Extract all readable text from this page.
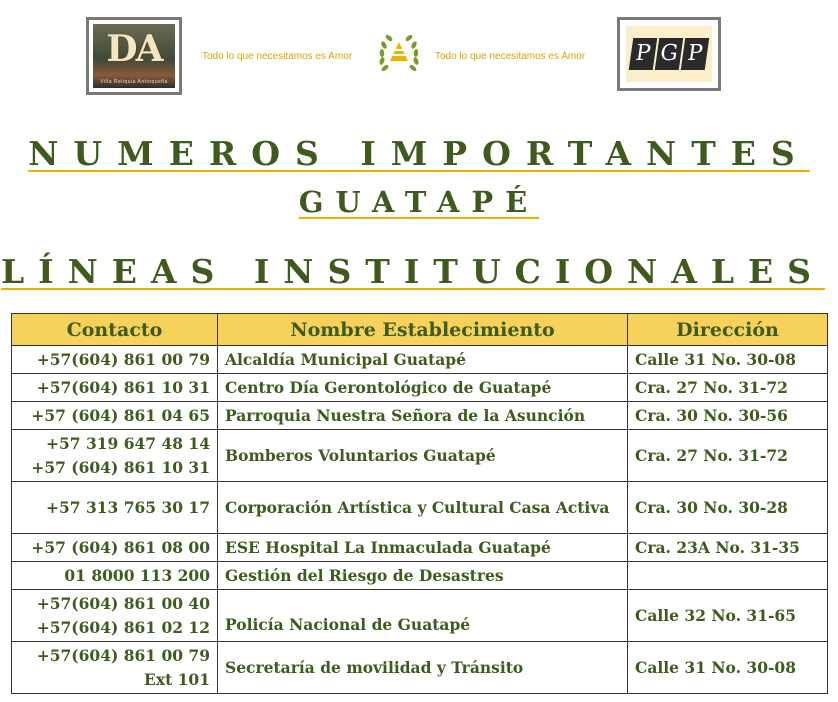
DA
Villa Reliquia Antioqueña
Todo lo que necesitamos es Amor	Todo lo que necesitamos es Amor P G P
NUMEROS IMPORTANTES
GUATAPÉ
LÍNEAS INSTITUCIONALES
Contacto	Nombre Establecimiento	Dirección
+57(604) 861 00 79	Alcaldía Municipal Guatapé	Calle 31 No. 30-08
+57(604) 861 10 31	Centro Día Gerontológico de Guatapé	Cra. 27 No. 31-72
+57 (604) 861 04 65	Parroquia Nuestra Señora de la Asunción	Cra. 30 No. 30-56

+57 319 647 48 14
+57 (604) 861 10 31	Bomberos Voluntarios Guatapé	Cra. 27 No. 31-72
+57 313 765 30 17	Corporación Artística y Cultural Casa Activa	Cra. 30 No. 30-28
+57 (604) 861 08 00	ESE Hospital La Inmaculada Guatapé	Cra. 23A No. 31-35
01 8000 113 200	Gestión del Riesgo de Desastres	

+57(604) 861 00 40
+57(604) 861 02 12	Policía Nacional de Guatapé	Calle 32 No. 31-65

+57(604) 861 00 79
Ext 101	Secretaría de movilidad y Tránsito	Calle 31 No. 30-08
